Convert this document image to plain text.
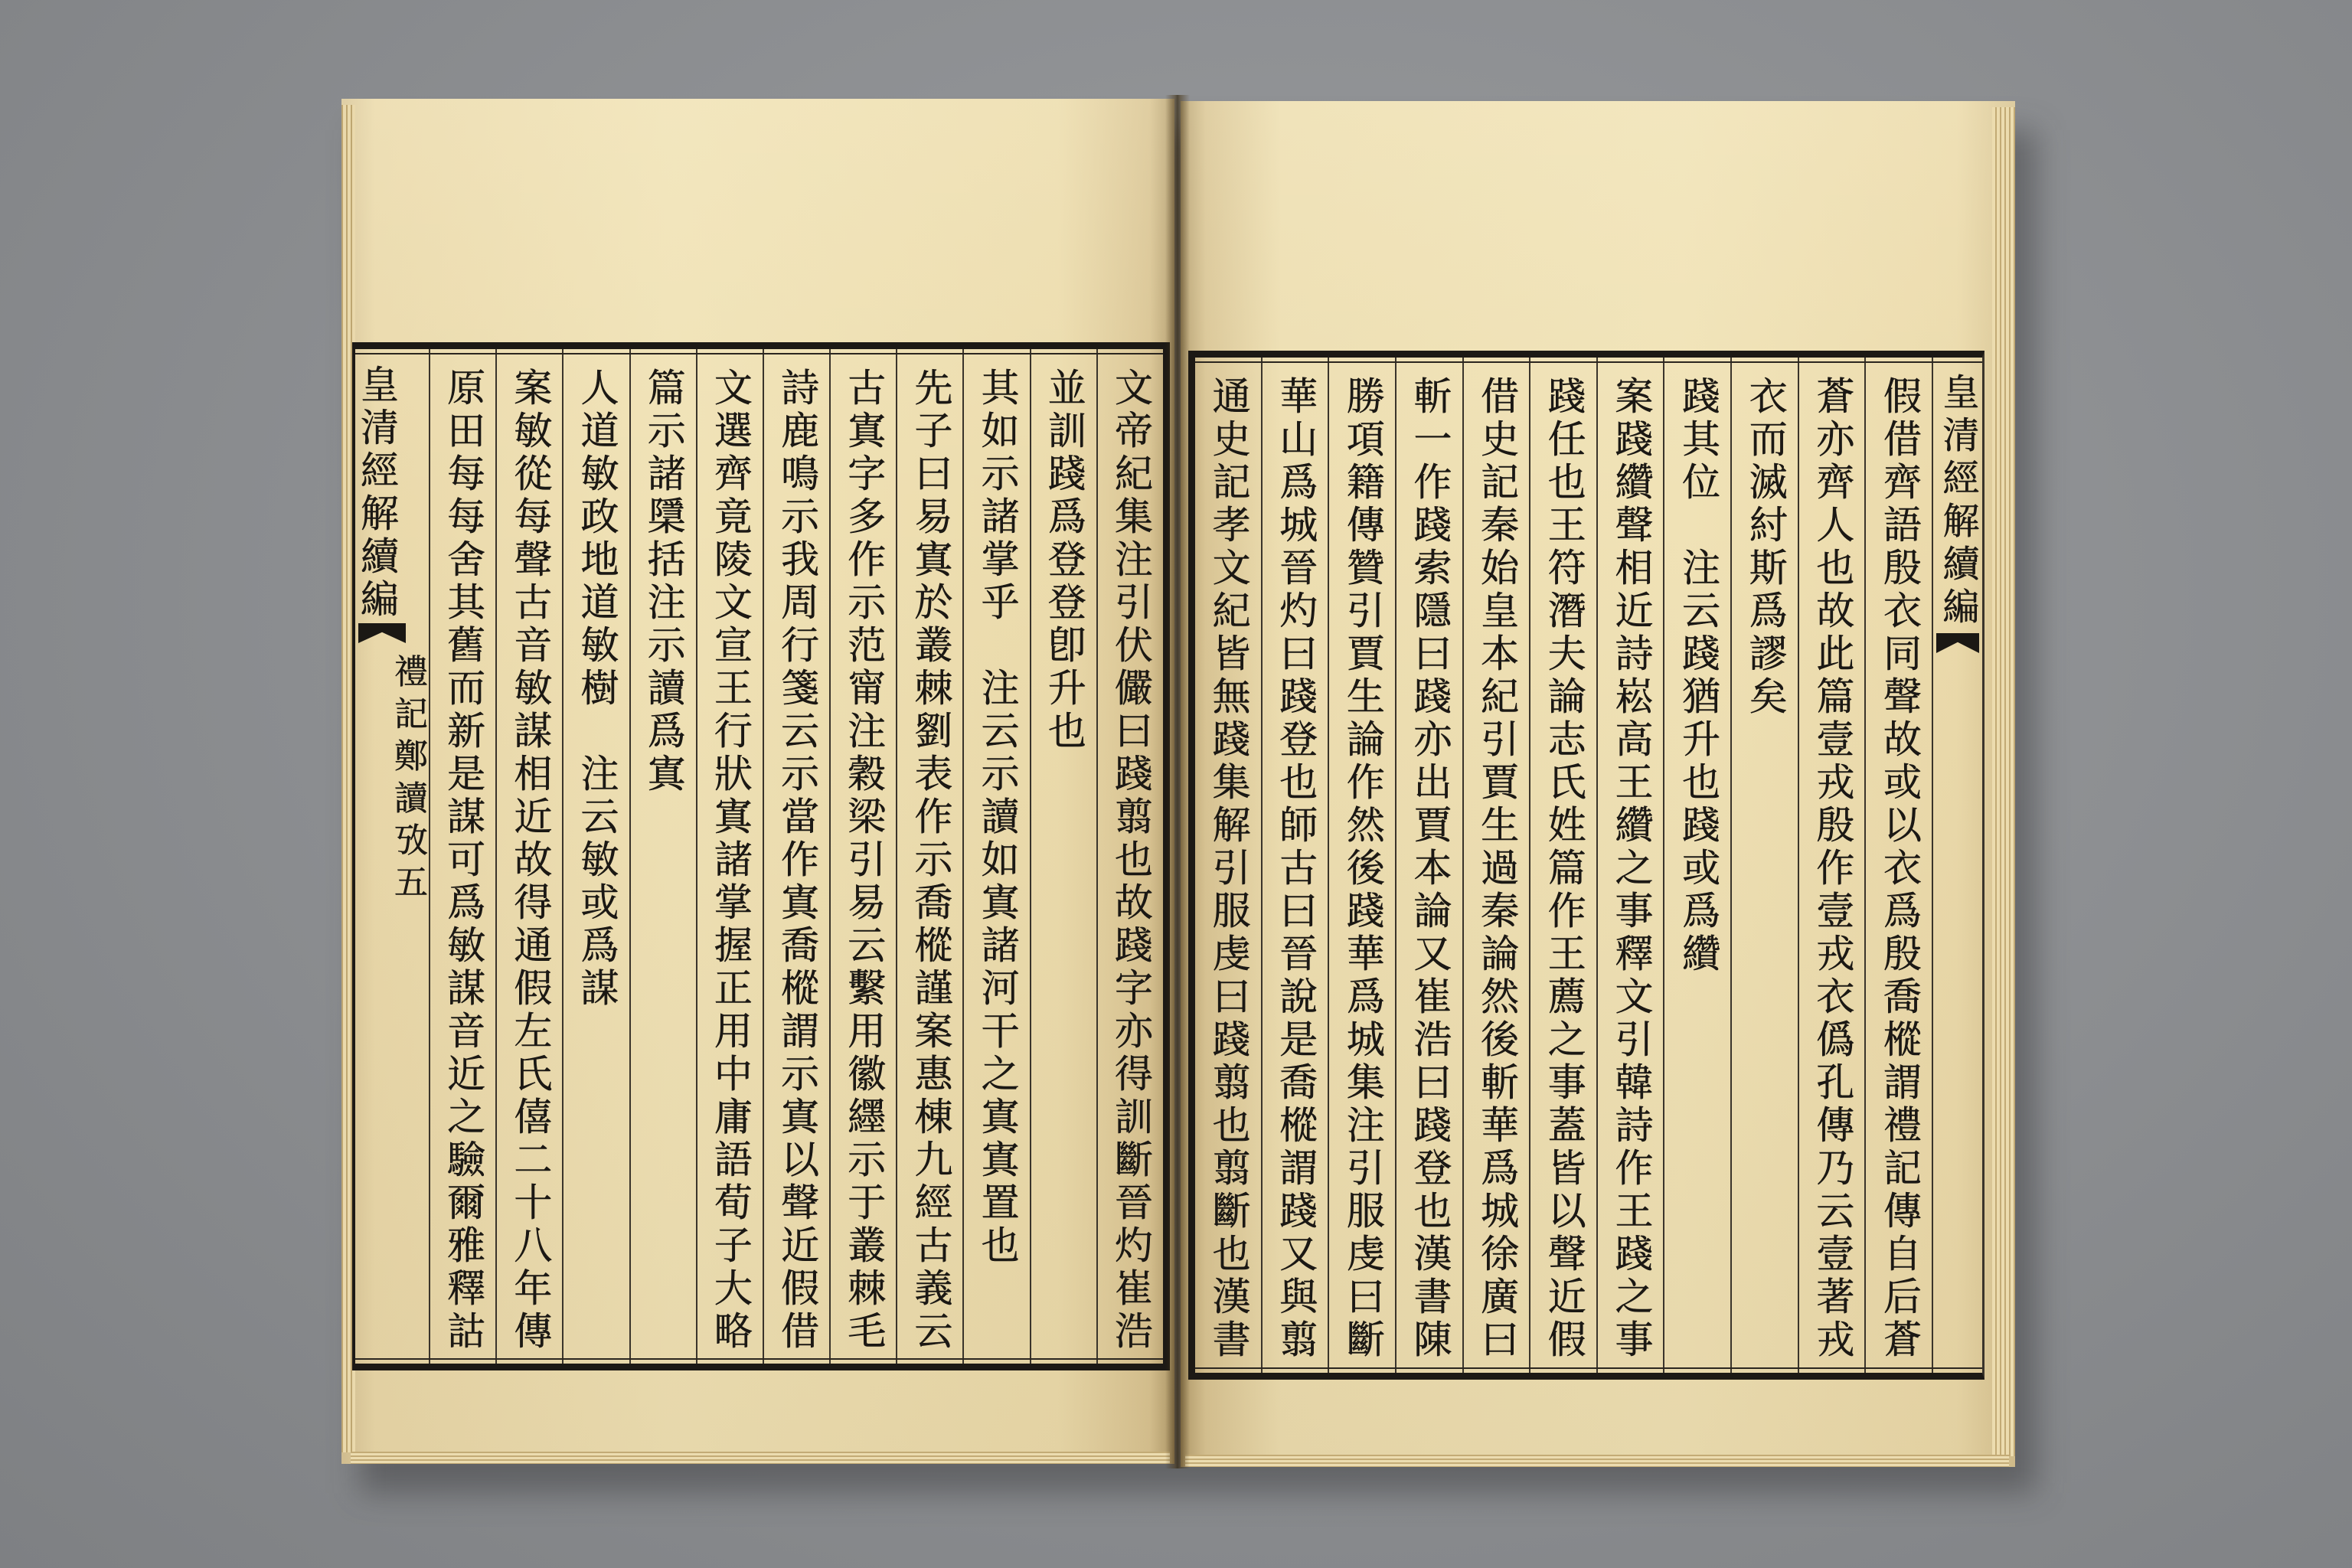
皇清經解續編
禮記鄭讀攷五	文帝紀集注引伏儼曰踐翦也故踐字亦得訓斷晉灼崔浩
並訓踐爲登登卽升也
其如示諸掌乎　注云示讀如寘諸河干之寘寘置也
先子曰易寘於叢棘劉表作示喬樅謹案惠棟九經古義云
古寘字多作示范甯注穀梁引易云繫用徽纆示于叢棘毛
詩鹿鳴示我周行箋云示當作寘喬樅謂示寘以聲近假借
文選齊竟陵文宣王行狀寘諸掌握正用中庸語荀子大略
篇示諸檃括注示讀爲寘
人道敏政地道敏樹　注云敏或爲謀
案敏從每聲古音敏謀相近故得通假左氏僖二十八年傳
原田每每舍其舊而新是謀可爲敏謀音近之驗爾雅釋詁	假借齊語殷衣同聲故或以衣爲殷喬樅謂禮記傳自后蒼
蒼亦齊人也故此篇壹戎殷作壹戎衣僞孔傳乃云壹著戎
衣而滅紂斯爲謬矣
踐其位　注云踐猶升也踐或爲纘
案踐纘聲相近詩崧高王纘之事釋文引韓詩作王踐之事
踐任也王符潛夫論志氏姓篇作王薦之事蓋皆以聲近假
借史記秦始皇本紀引賈生過秦論然後斬華爲城徐廣曰
斬一作踐索隱曰踐亦出賈本論又崔浩曰踐登也漢書陳
勝項籍傳贊引賈生論作然後踐華爲城集注引服虔曰斷
華山爲城晉灼曰踐登也師古曰晉說是喬樅謂踐又與翦
通史記孝文紀皆無踐集解引服虔曰踐翦也翦斷也漢書	皇清經解續編
